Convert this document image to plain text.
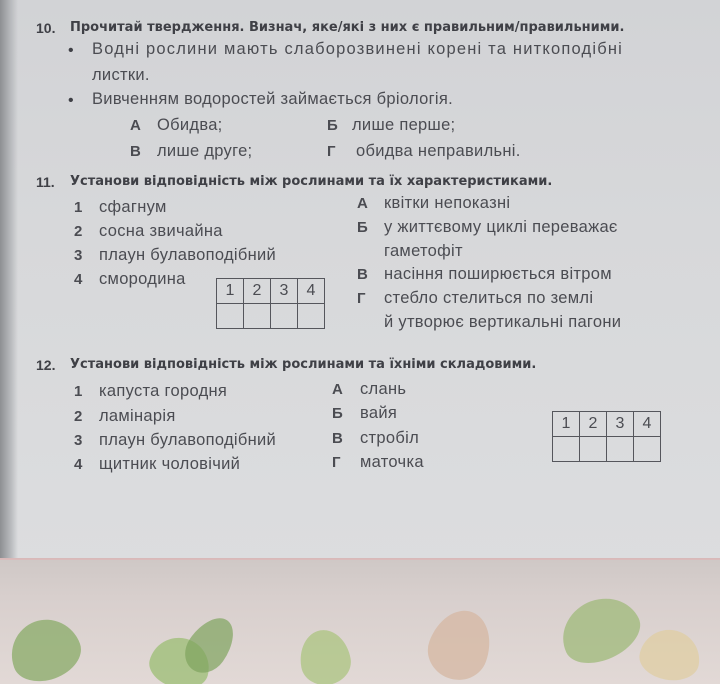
10. Прочитай твердження. Визнач, яке/які з них є правильним/правильними.
• Водні рослини мають слаборозвинені корені та ниткоподібні
листки.
• Вивченням водоростей займається бріологія.
А Обидва;	Б лише перше;
В лише друге;	Г обидва неправильні.
11. Установи відповідність між рослинами та їх характеристиками.
1 сфагнум
2 сосна звичайна
3 плаун булавоподібний
4 смородина
А квітки непоказні
Б у життєвому циклі переважає
гаметофіт
В насіння поширюється вітром
Г стебло стелиться по землі
й утворює вертикальні пагони
1	2	3	4

12. Установи відповідність між рослинами та їхніми складовими.
1 капуста городня
2 ламінарія
3 плаун булавоподібний
4 щитник чоловічий
А слань
Б вайя
В стробіл
Г маточка
1	2	3	4
